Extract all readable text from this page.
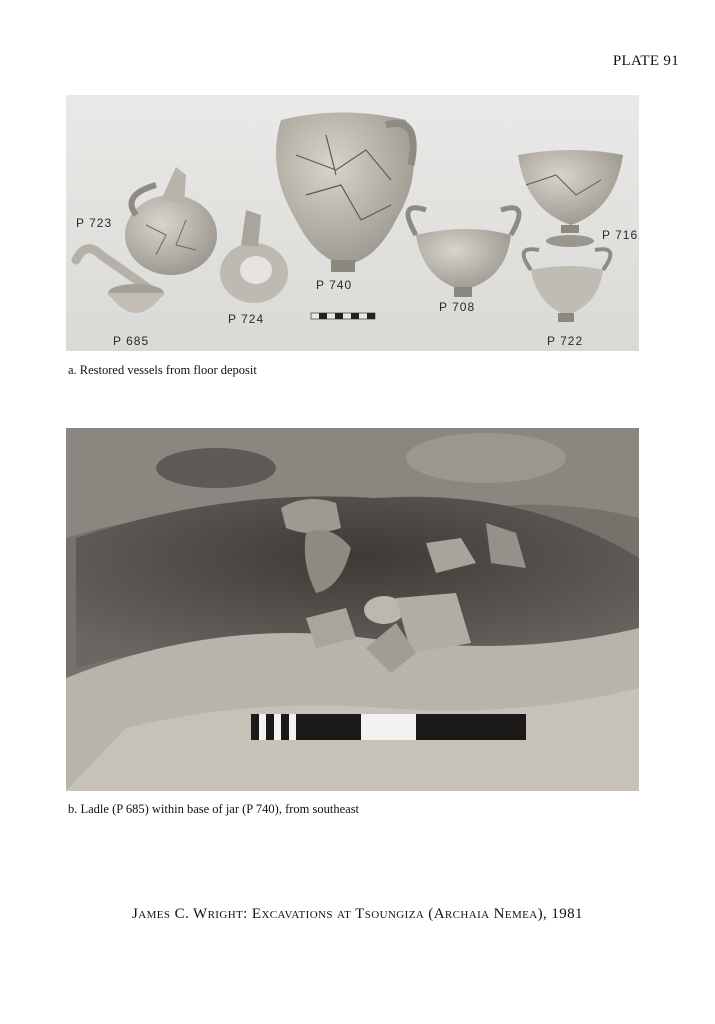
PLATE 91
P 723
P 685
P 724
P 740
P 708
P 716
P 722
a. Restored vessels from floor deposit
b. Ladle (P 685) within base of jar (P 740), from southeast
James C. Wright: Excavations at Tsoungiza (Archaia Nemea), 1981
